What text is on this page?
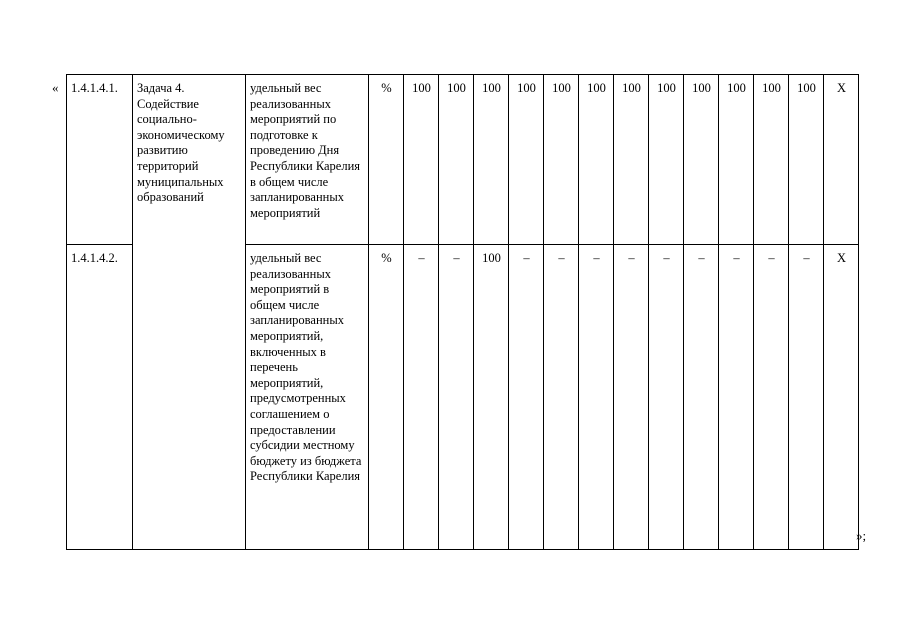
« 1.4.1.4.1.	Задача 4. Содействие социально-экономическому развитию территорий муниципальных образований	удельный вес реализованных мероприятий по подготовке к проведению Дня Республики Карелия в общем числе запланированных мероприятий	%	100	100	100	100	100	100	100	100	100	100	100	100	X
1.4.1.4.2.		удельный вес реализованных мероприятий в общем числе запланированных мероприятий, включенных в перечень мероприятий, предусмотренных соглашением о предоставлении субсидии местному бюджету из бюджета Республики Карелия	%	–	–	100	–	–	–	–	–	–	–	–	–	X
»;
